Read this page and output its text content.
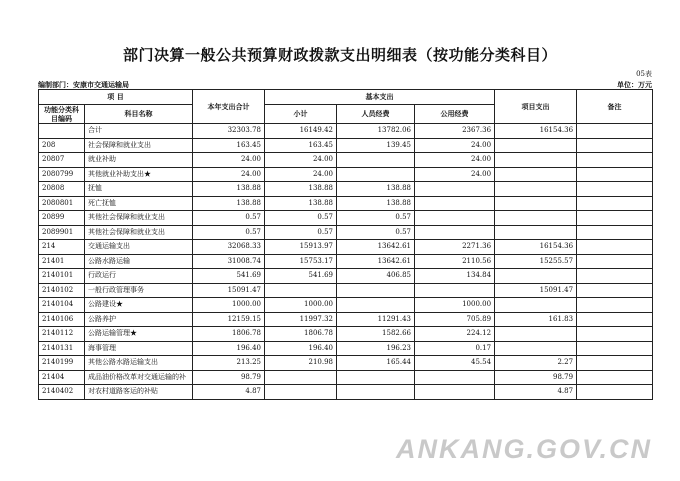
部门决算一般公共预算财政拨款支出明细表（按功能分类科目）
05表
编制部门：安康市交通运输局	单位：万元
项 目		本年支出合计	基本支出			项目支出	备注
功能分类科目编码	科目名称		小计	人员经费	公用经费		

	合计	32303.78	16149.42	13782.06	2367.36	16154.36	
208	社会保障和就业支出	163.45	163.45	139.45	24.00		
20807	就业补助	24.00	24.00		24.00		
2080799	其他就业补助支出★	24.00	24.00		24.00		
20808	抚恤	138.88	138.88	138.88			
2080801	死亡抚恤	138.88	138.88	138.88			
20899	其他社会保障和就业支出	0.57	0.57	0.57			
2089901	其他社会保障和就业支出	0.57	0.57	0.57			
214	交通运输支出	32068.33	15913.97	13642.61	2271.36	16154.36	
21401	公路水路运输	31008.74	15753.17	13642.61	2110.56	15255.57	
2140101	行政运行	541.69	541.69	406.85	134.84		
2140102	一般行政管理事务	15091.47				15091.47	
2140104	公路建设★	1000.00	1000.00		1000.00		
2140106	公路养护	12159.15	11997.32	11291.43	705.89	161.83	
2140112	公路运输管理★	1806.78	1806.78	1582.66	224.12		
2140131	海事管理	196.40	196.40	196.23	0.17		
2140199	其他公路水路运输支出	213.25	210.98	165.44	45.54	2.27	
21404	成品油价格改革对交通运输的补	98.79				98.79	
2140402	对农村道路客运的补贴	4.87				4.87	
ANKANG.GOV.CN
